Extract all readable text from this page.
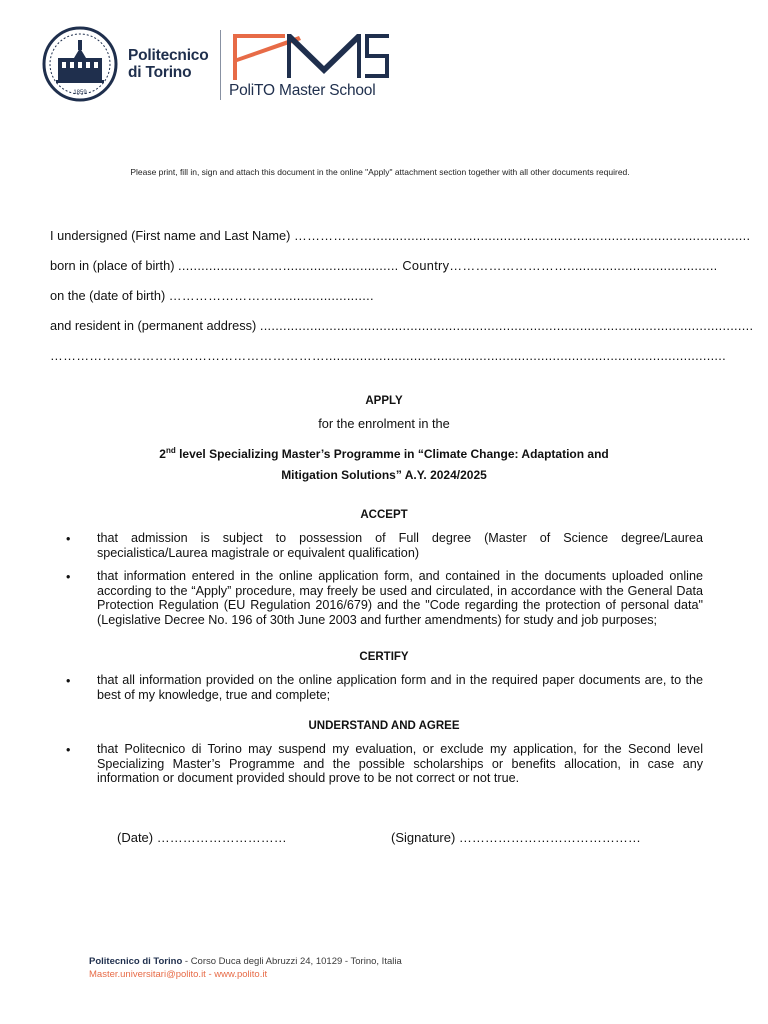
1859
Politecnico
di Torino
PoliTO Master School
Please print, fill in, sign and attach this document in the online "Apply" attachment section together with all other documents required.
I undersigned (First name and Last Name) ………………..................................................................................................
born in (place of birth) .................……….............................. Country……………………….......................................
on the (date of birth) ……………………..........................
and resident in (permanent address) ................................................................................................................................
………………………………………………………........................................................................................................
APPLY
for the enrolment in the
2nd level Specializing Master’s Programme in “Climate Change: Adaptation and
Mitigation Solutions” A.Y. 2024/2025
ACCEPT
• that admission is subject to possession of Full degree (Master of Science degree/Laurea specialistica/Laurea magistrale or equivalent qualification)
• that information entered in the online application form, and contained in the documents uploaded online according to the “Apply” procedure, may freely be used and circulated, in accordance with the General Data Protection Regulation (EU Regulation 2016/679) and the "Code regarding the protection of personal data" (Legislative Decree No. 196 of 30th June 2003 and further amendments) for study and job purposes;
CERTIFY
• that all information provided on the online application form and in the required paper documents are, to the best of my knowledge, true and complete;
UNDERSTAND AND AGREE
• that Politecnico di Torino may suspend my evaluation, or exclude my application, for the Second level Specializing Master’s Programme and the possible scholarships or benefits allocation, in case any information or document provided should prove to be not correct or not true.
(Date) …………………………	(Signature) ……………………………………
Politecnico di Torino - Corso Duca degli Abruzzi 24, 10129 - Torino, Italia
Master.universitari@polito.it - www.polito.it
